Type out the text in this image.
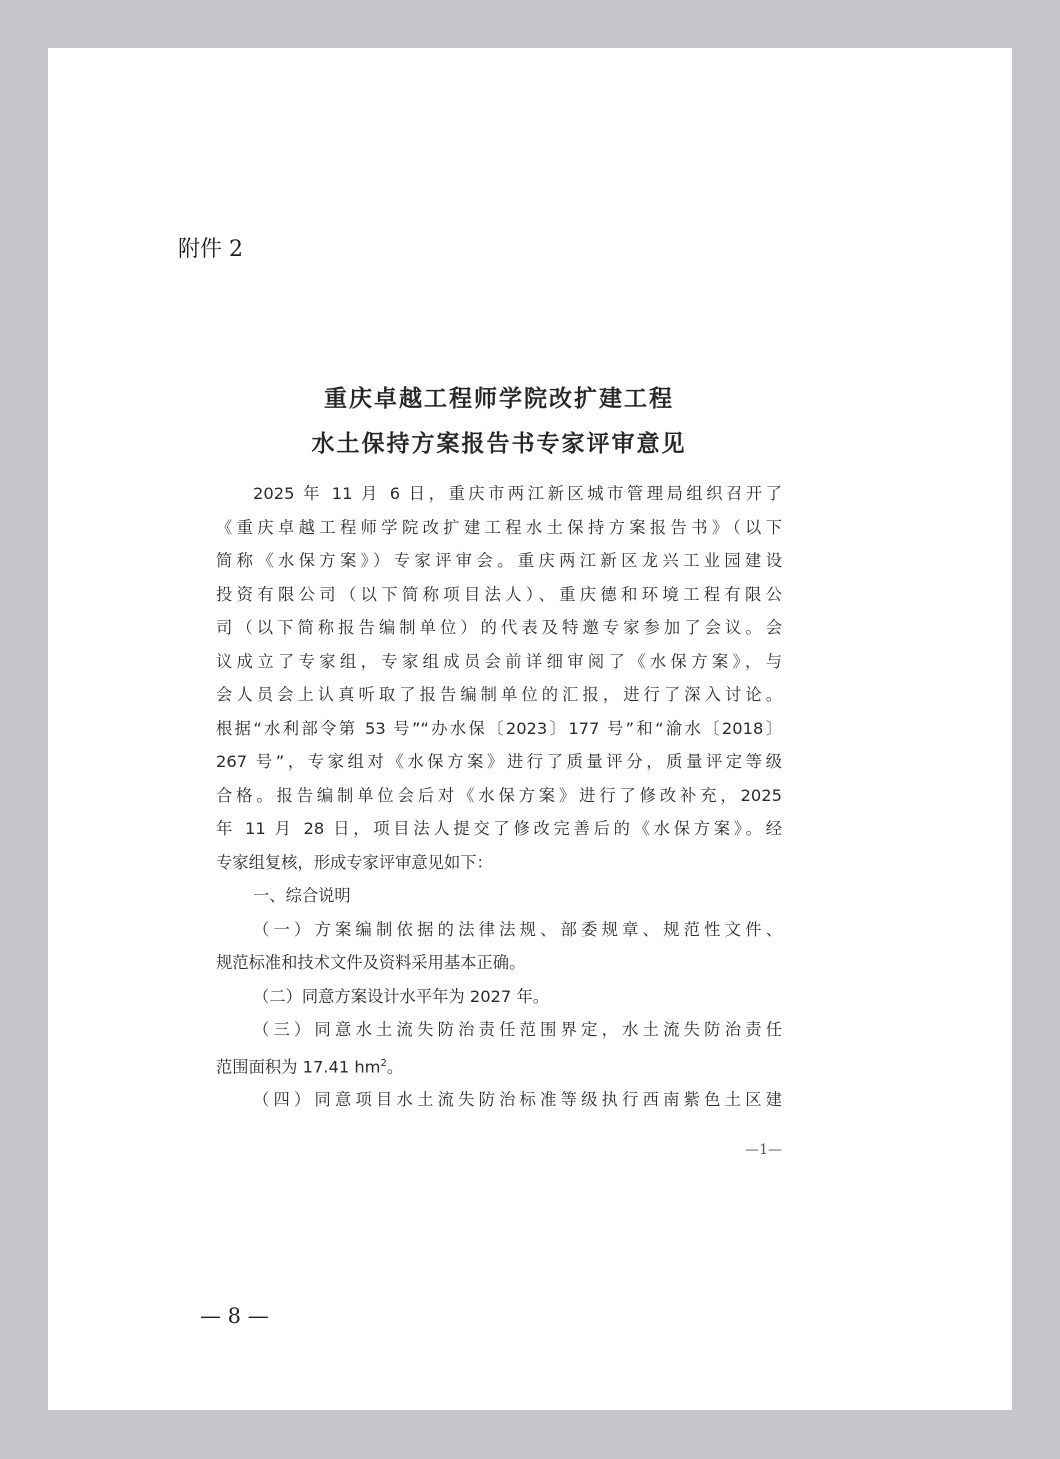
附件 2
重庆卓越工程师学院改扩建工程
水土保持方案报告书专家评审意见

2025 年 11 月 6 日，重庆市两江新区城市管理局组织召开了

《重庆卓越工程师学院改扩建工程水土保持方案报告书》（以下

简称《水保方案》）专家评审会。重庆两江新区龙兴工业园建设

投资有限公司（以下简称项目法人）、重庆德和环境工程有限公

司（以下简称报告编制单位）的代表及特邀专家参加了会议。会

议成立了专家组，专家组成员会前详细审阅了《水保方案》，与

会人员会上认真听取了报告编制单位的汇报，进行了深入讨论。

根据“水利部令第 53 号”“办水保〔2023〕177 号”和“渝水〔2018〕

267 号”，专家组对《水保方案》进行了质量评分，质量评定等级

合格。报告编制单位会后对《水保方案》进行了修改补充，2025

年 11 月 28 日，项目法人提交了修改完善后的《水保方案》。经

专家组复核，形成专家评审意见如下：

一、综合说明

（一）方案编制依据的法律法规、部委规章、规范性文件、

规范标准和技术文件及资料采用基本正确。

（二）同意方案设计水平年为 2027 年。

（三）同意水土流失防治责任范围界定，水土流失防治责任

范围面积为 17.41 $hm^2$。

（四）同意项目水土流失防治标准等级执行西南紫色土区建

—1—
— 8 —
